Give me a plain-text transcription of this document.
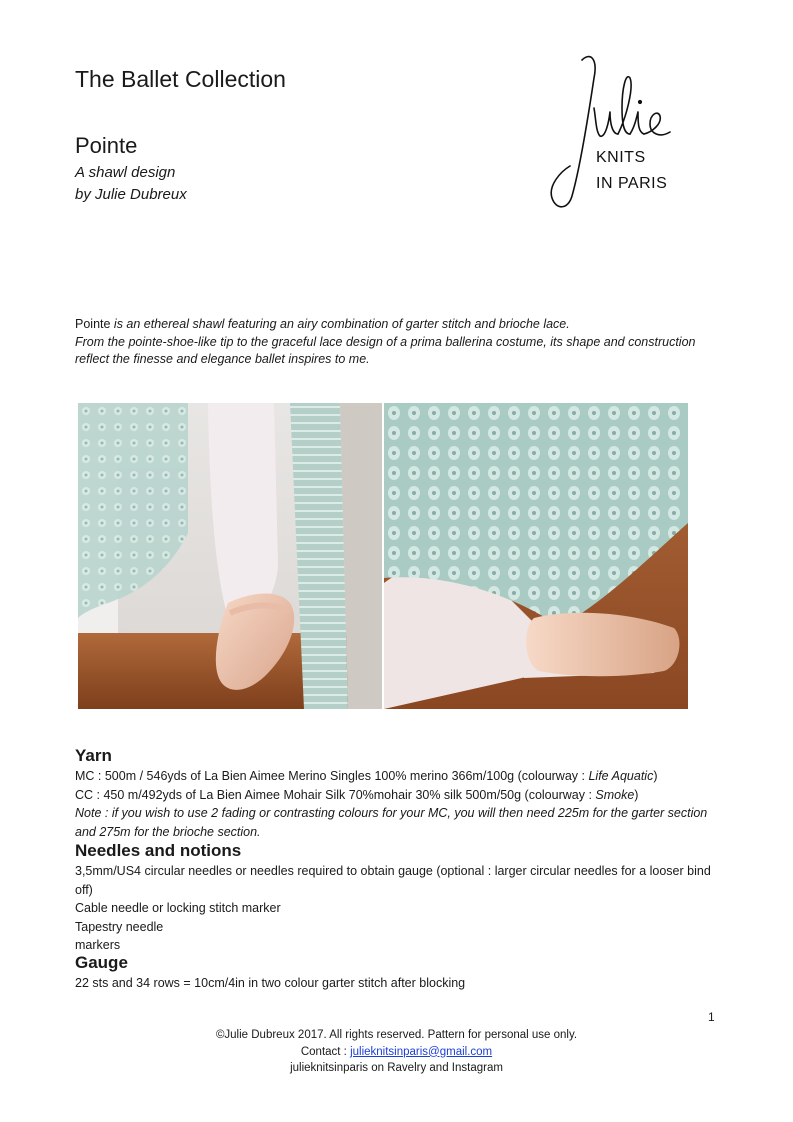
The Ballet Collection
Pointe
A shawl design
by Julie Dubreux
KNITS
IN PARIS

Pointe is an ethereal shawl featuring an airy combination of garter stitch and brioche lace.

From the pointe-shoe-like tip to the graceful lace design of a prima ballerina costume, its shape and construction reflect the finesse and elegance ballet inspires to me.

Yarn

MC : 500m / 546yds of La Bien Aimee Merino Singles 100% merino 366m/100g (colourway : Life Aquatic)

CC : 450 m/492yds of La Bien Aimee Mohair Silk 70%mohair 30% silk 500m/50g (colourway : Smoke)

Note : if you wish to use 2 fading or contrasting colours for your MC, you will then need 225m for the garter section and 275m for the brioche section.

Needles and notions

3,5mm/US4 circular needles or needles required to obtain gauge (optional : larger circular needles for a looser bind off)

Cable needle or locking stitch marker

Tapestry needle

markers

Gauge

22 sts and 34 rows = 10cm/4in in two colour garter stitch after blocking

1

©Julie Dubreux 2017. All rights reserved. Pattern for personal use only.

Contact : julieknitsinparis@gmail.com

julieknitsinparis on Ravelry and Instagram
